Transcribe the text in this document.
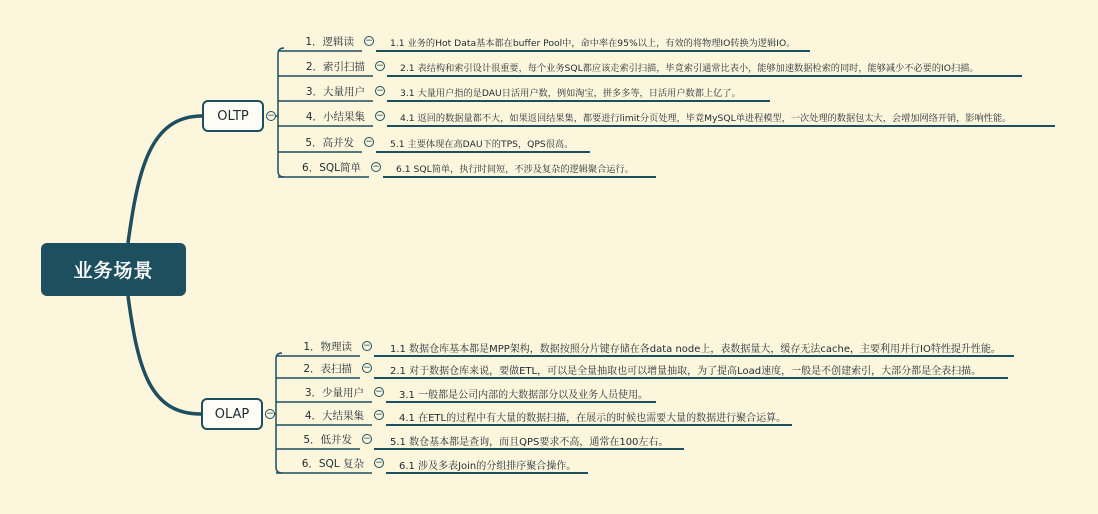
业务场景
OLTP −
OLAP −
1．逻辑读 − 1.1 业务的Hot Data基本都在buffer Pool中，命中率在95%以上，有效的将物理IO转换为逻辑IO。
2．索引扫描 − 2.1 表结构和索引设计很重要，每个业务SQL都应该走索引扫描，毕竟索引通常比表小，能够加速数据检索的同时，能够减少不必要的IO扫描。
3．大量用户 − 3.1 大量用户指的是DAU日活用户数，例如淘宝，拼多多等，日活用户数都上亿了。
4．小结果集 − 4.1 返回的数据量都不大，如果返回结果集，都要进行limit分页处理，毕竟MySQL单进程模型，一次处理的数据包太大，会增加网络开销，影响性能。
5．高并发 − 5.1 主要体现在高DAU下的TPS，QPS很高。
6．SQL简单 − 6.1 SQL简单，执行时间短，不涉及复杂的逻辑聚合运行。
1．物理读 − 1.1 数据仓库基本都是MPP架构，数据按照分片键存储在各data node上，表数据量大，缓存无法cache，主要利用并行IO特性提升性能。
2．表扫描 − 2.1 对于数据仓库来说，要做ETL，可以是全量抽取也可以增量抽取，为了提高Load速度，一般是不创建索引，大部分都是全表扫描。
3．少量用户 − 3.1 一般都是公司内部的大数据部分以及业务人员使用。
4．大结果集 − 4.1 在ETL的过程中有大量的数据扫描，在展示的时候也需要大量的数据进行聚合运算。
5．低并发 − 5.1 数仓基本都是查询，而且QPS要求不高，通常在100左右。
6．SQL 复杂 − 6.1 涉及多表Join的分组排序聚合操作。
